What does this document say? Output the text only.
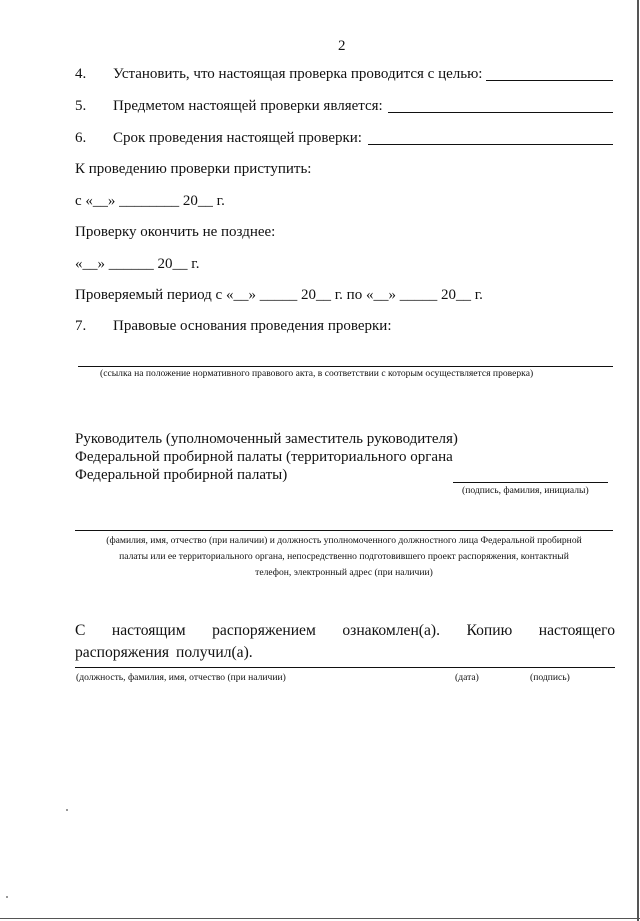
2
4. Установить, что настоящая проверка проводится с целью:
5. Предметом настоящей проверки является:
6. Срок проведения настоящей проверки:
К проведению проверки приступить:
с «__» ________ 20__ г.
Проверку окончить не позднее:
«__» ______ 20__ г.
Проверяемый период с «__» _____ 20__ г. по «__» _____ 20__ г.
7. Правовые основания проведения проверки:
(ссылка на положение нормативного правового акта, в соответствии с которым осуществляется проверка)
Руководитель (уполномоченный заместитель руководителя)
Федеральной пробирной палаты (территориального органа
Федеральной пробирной палаты)
(подпись, фамилия, инициалы)
(фамилия, имя, отчество (при наличии) и должность уполномоченного должностного лица Федеральной пробирной
палаты или ее территориального органа, непосредственно подготовившего проект распоряжения, контактный
телефон, электронный адрес (при наличии)
С настоящим распоряжением ознакомлен(а). Копию настоящего распоряжения получил(а).
(должность, фамилия, имя, отчество (при наличии)	(дата)	(подпись)
